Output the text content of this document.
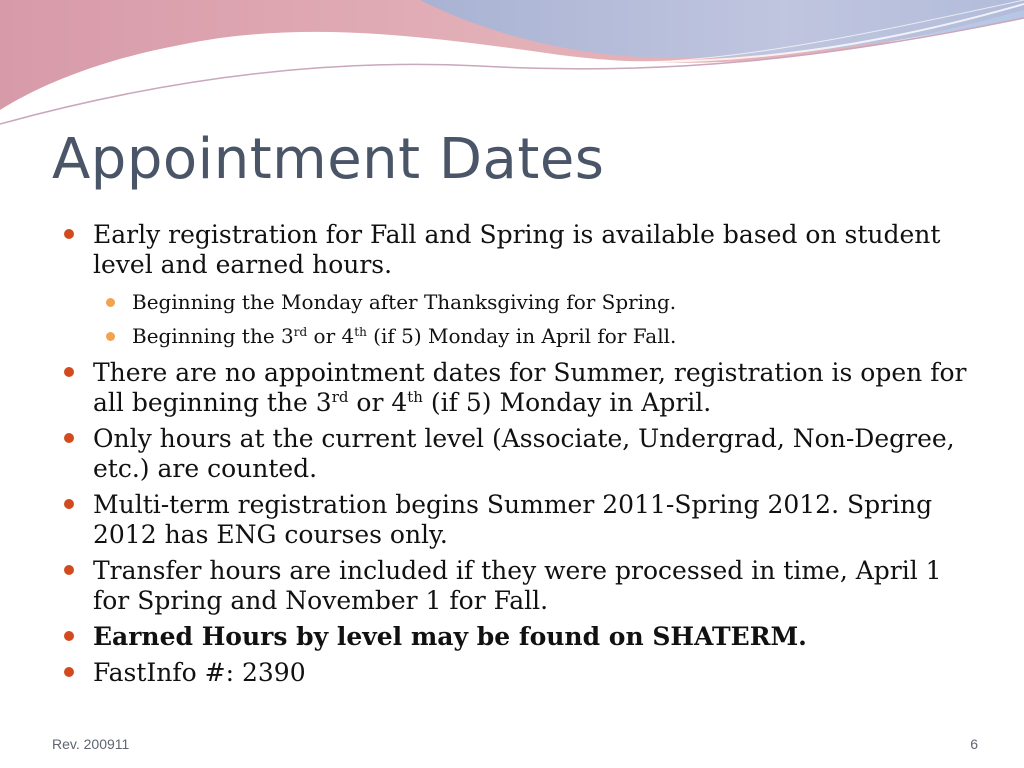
Appointment Dates
Early registration for Fall and Spring is available based on student level and earned hours.
Beginning the Monday after Thanksgiving for Spring.
Beginning the 3rd or 4th (if 5) Monday in April for Fall.
There are no appointment dates for Summer, registration is open for all beginning the 3rd or 4th (if 5) Monday in April.
Only hours at the current level (Associate, Undergrad, Non-Degree, etc.) are counted.
Multi-term registration begins Summer 2011-Spring 2012. Spring 2012 has ENG courses only.
Transfer hours are included if they were processed in time, April 1 for Spring and November 1 for Fall.
Earned Hours by level may be found on SHATERM.
FastInfo #: 2390
Rev. 200911	6
